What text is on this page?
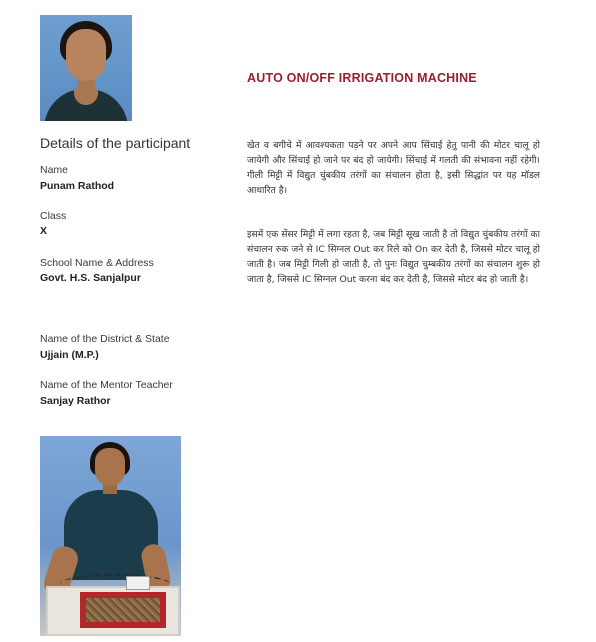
AUTO ON/OFF IRRIGATION MACHINE
Details of the participant
Name
Punam Rathod
Class
X
School Name & Address
Govt. H.S. Sanjalpur
Name of the District & State
Ujjain (M.P.)
Name of the Mentor Teacher
Sanjay Rathor
खेत व बगीचे में आवश्यकता पड़ने पर अपने आप सिंचाई हेतु पानी की मोटर चालू हो जायेगी और सिंचाई हो जाने पर बंद हो जायेगी। सिंचाई में गलती की संभावना नहीं रहेगी। गीली मिट्टी में विद्युत चुंबकीय तरंगों का संचालन होता है, इसी सिद्धांत पर यह मॉडल आधारित है।
इसमें एक सेंसर मिट्टी में लगा रहता है, जब मिट्टी सूख जाती है तो विद्युत चुंबकीय तरंगों का संचालन रुक जने से IC सिग्नल Out कर रिले को On कर देती है, जिससे मोटर चालू हो जाती है। जब मिट्टी गिली हो जाती है, तो पुनः विद्युत चुम्बकीय तरंगों का संचालन शुरू हो जाता है, जिससे IC सिग्नल Out करना बंद कर देती है, जिससे मोटर बंद हो जाती है।
